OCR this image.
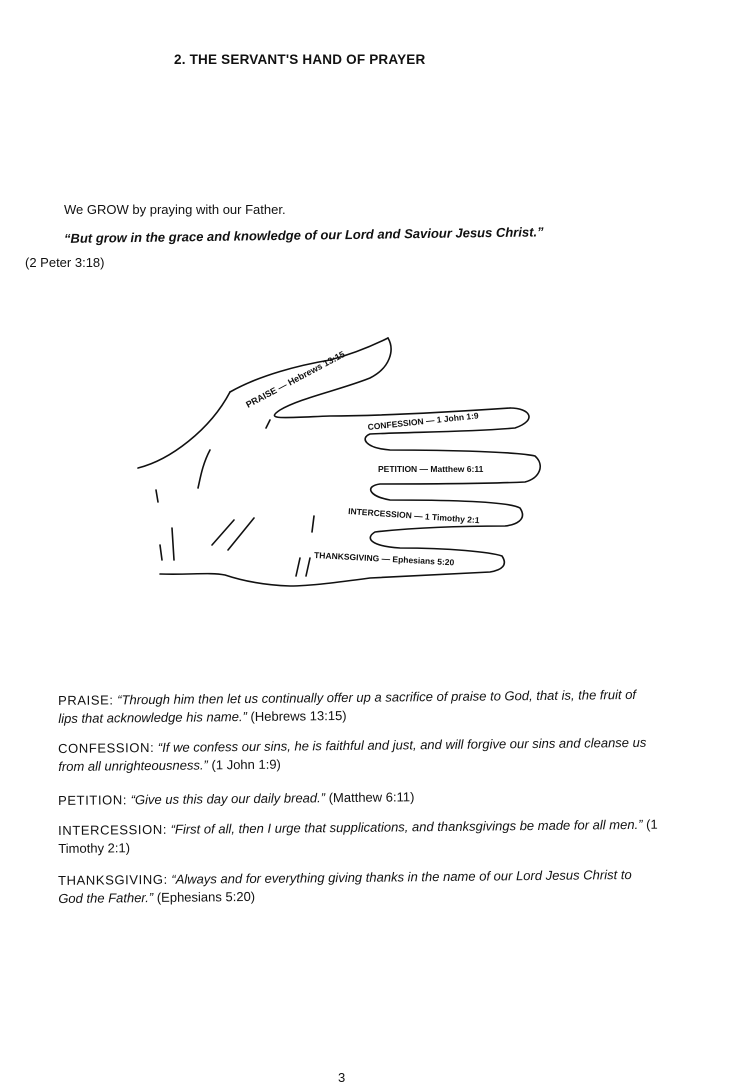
2. THE SERVANT'S HAND OF PRAYER
We GROW by praying with our Father.
“But grow in the grace and knowledge of our Lord and Saviour Jesus Christ.”
(2 Peter 3:18)
PRAISE — Hebrews 13:15
CONFESSION — 1 John 1:9
PETITION — Matthew 6:11
INTERCESSION — 1 Timothy 2:1
THANKSGIVING — Ephesians 5:20
PRAISE: “Through him then let us continually offer up a sacrifice of praise to God, that is, the fruit of lips that acknowledge his name.” (Hebrews 13:15)
CONFESSION: “If we confess our sins, he is faithful and just, and will forgive our sins and cleanse us from all unrighteousness.” (1 John 1:9)
PETITION: “Give us this day our daily bread.” (Matthew 6:11)
INTERCESSION: “First of all, then I urge that supplications, and thanksgivings be made for all men.” (1 Timothy 2:1)
THANKSGIVING: “Always and for everything giving thanks in the name of our Lord Jesus Christ to God the Father.” (Ephesians 5:20)
3
